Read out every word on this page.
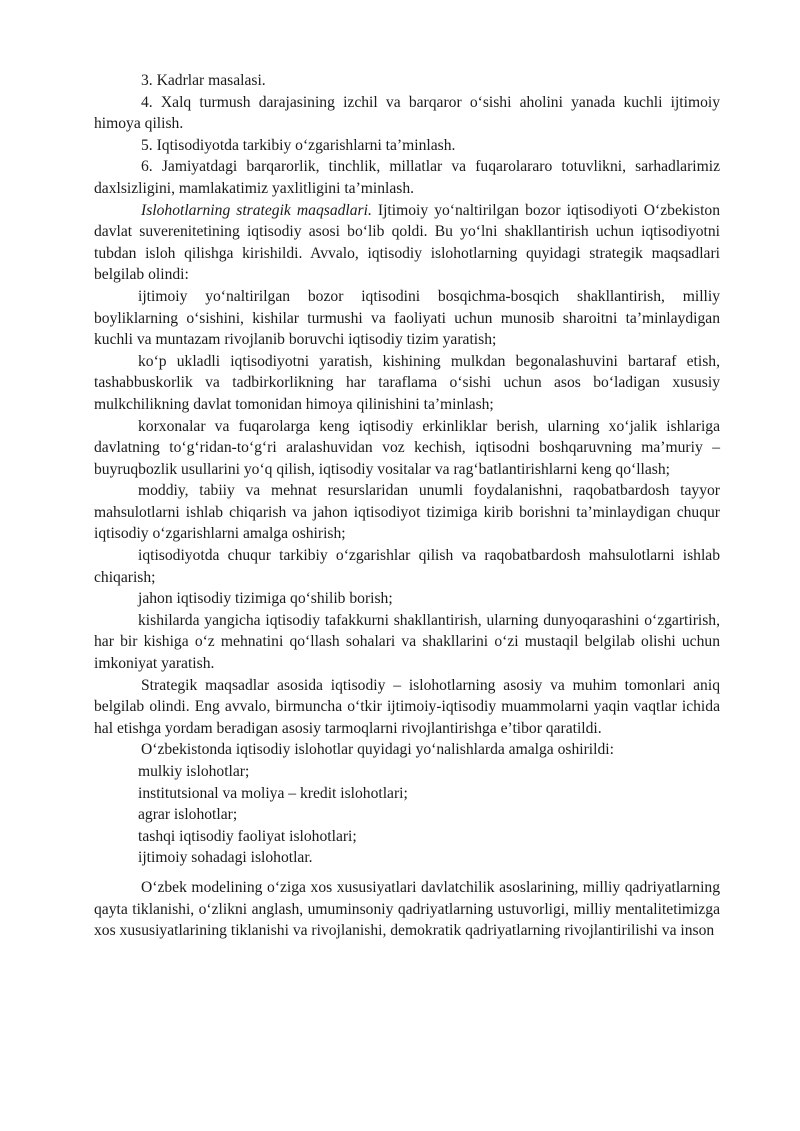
3. Kadrlar masalasi.

4. Xalq turmush darajasining izchil va barqaror o‘sishi aholini yanada kuchli ijtimoiy himoya qilish.

5. Iqtisodiyotda tarkibiy o‘zgarishlarni ta’minlash.

6. Jamiyatdagi barqarorlik, tinchlik, millatlar va fuqarolararo totuvlikni, sarhadlarimiz daxlsizligini, mamlakatimiz yaxlitligini ta’minlash.

Islohotlarning strategik maqsadlari. Ijtimoiy yo‘naltirilgan bozor iqtisodiyoti O‘zbekiston davlat suverenitetining iqtisodiy asosi bo‘lib qoldi. Bu yo‘lni shakllantirish uchun iqtisodiyotni tubdan isloh qilishga kirishildi. Avvalo, iqtisodiy islohotlarning quyidagi strategik maqsadlari belgilab olindi:

ijtimoiy yo‘naltirilgan bozor iqtisodini bosqichma-bosqich shakllantirish, milliy boyliklarning o‘sishini, kishilar turmushi va faoliyati uchun munosib sharoitni ta’minlaydigan kuchli va muntazam rivojlanib boruvchi iqtisodiy tizim yaratish;

ko‘p ukladli iqtisodiyotni yaratish, kishining mulkdan begonalashuvini bartaraf etish, tashabbuskorlik va tadbirkorlikning har taraflama o‘sishi uchun asos bo‘ladigan xususiy mulkchilikning davlat tomonidan himoya qilinishini ta’minlash;

korxonalar va fuqarolarga keng iqtisodiy erkinliklar berish, ularning xo‘jalik ishlariga davlatning to‘g‘ridan-to‘g‘ri aralashuvidan voz kechish, iqtisodni boshqaruvning ma’muriy – buyruqbozlik usullarini yo‘q qilish, iqtisodiy vositalar va rag‘batlantirishlarni keng qo‘llash;

moddiy, tabiiy va mehnat resurslaridan unumli foydalanishni, raqobatbardosh tayyor mahsulotlarni ishlab chiqarish va jahon iqtisodiyot tizimiga kirib borishni ta’minlaydigan chuqur iqtisodiy o‘zgarishlarni amalga oshirish;

iqtisodiyotda chuqur tarkibiy o‘zgarishlar qilish va raqobatbardosh mahsulotlarni ishlab chiqarish;

jahon iqtisodiy tizimiga qo‘shilib borish;

kishilarda yangicha iqtisodiy tafakkurni shakllantirish, ularning dunyoqarashini o‘zgartirish, har bir kishiga o‘z mehnatini qo‘llash sohalari va shakllarini o‘zi mustaqil belgilab olishi uchun imkoniyat yaratish.

Strategik maqsadlar asosida iqtisodiy – islohotlarning asosiy va muhim tomonlari aniq belgilab olindi. Eng avvalo, birmuncha o‘tkir ijtimoiy-iqtisodiy muammolarni yaqin vaqtlar ichida hal etishga yordam beradigan asosiy tarmoqlarni rivojlantirishga e’tibor qaratildi.

O‘zbekistonda iqtisodiy islohotlar quyidagi yo‘nalishlarda amalga oshirildi:

mulkiy islohotlar;

institutsional va moliya – kredit islohotlari;

agrar islohotlar;

tashqi iqtisodiy faoliyat islohotlari;

ijtimoiy sohadagi islohotlar.

O‘zbek modelining o‘ziga xos xususiyatlari davlatchilik asoslarining, milliy qadriyatlarning qayta tiklanishi, o‘zlikni anglash, umuminsoniy qadriyatlarning ustuvorligi, milliy mentalitetimizga xos xususiyatlarining tiklanishi va rivojlanishi, demokratik qadriyatlarning rivojlantirilishi va inson
